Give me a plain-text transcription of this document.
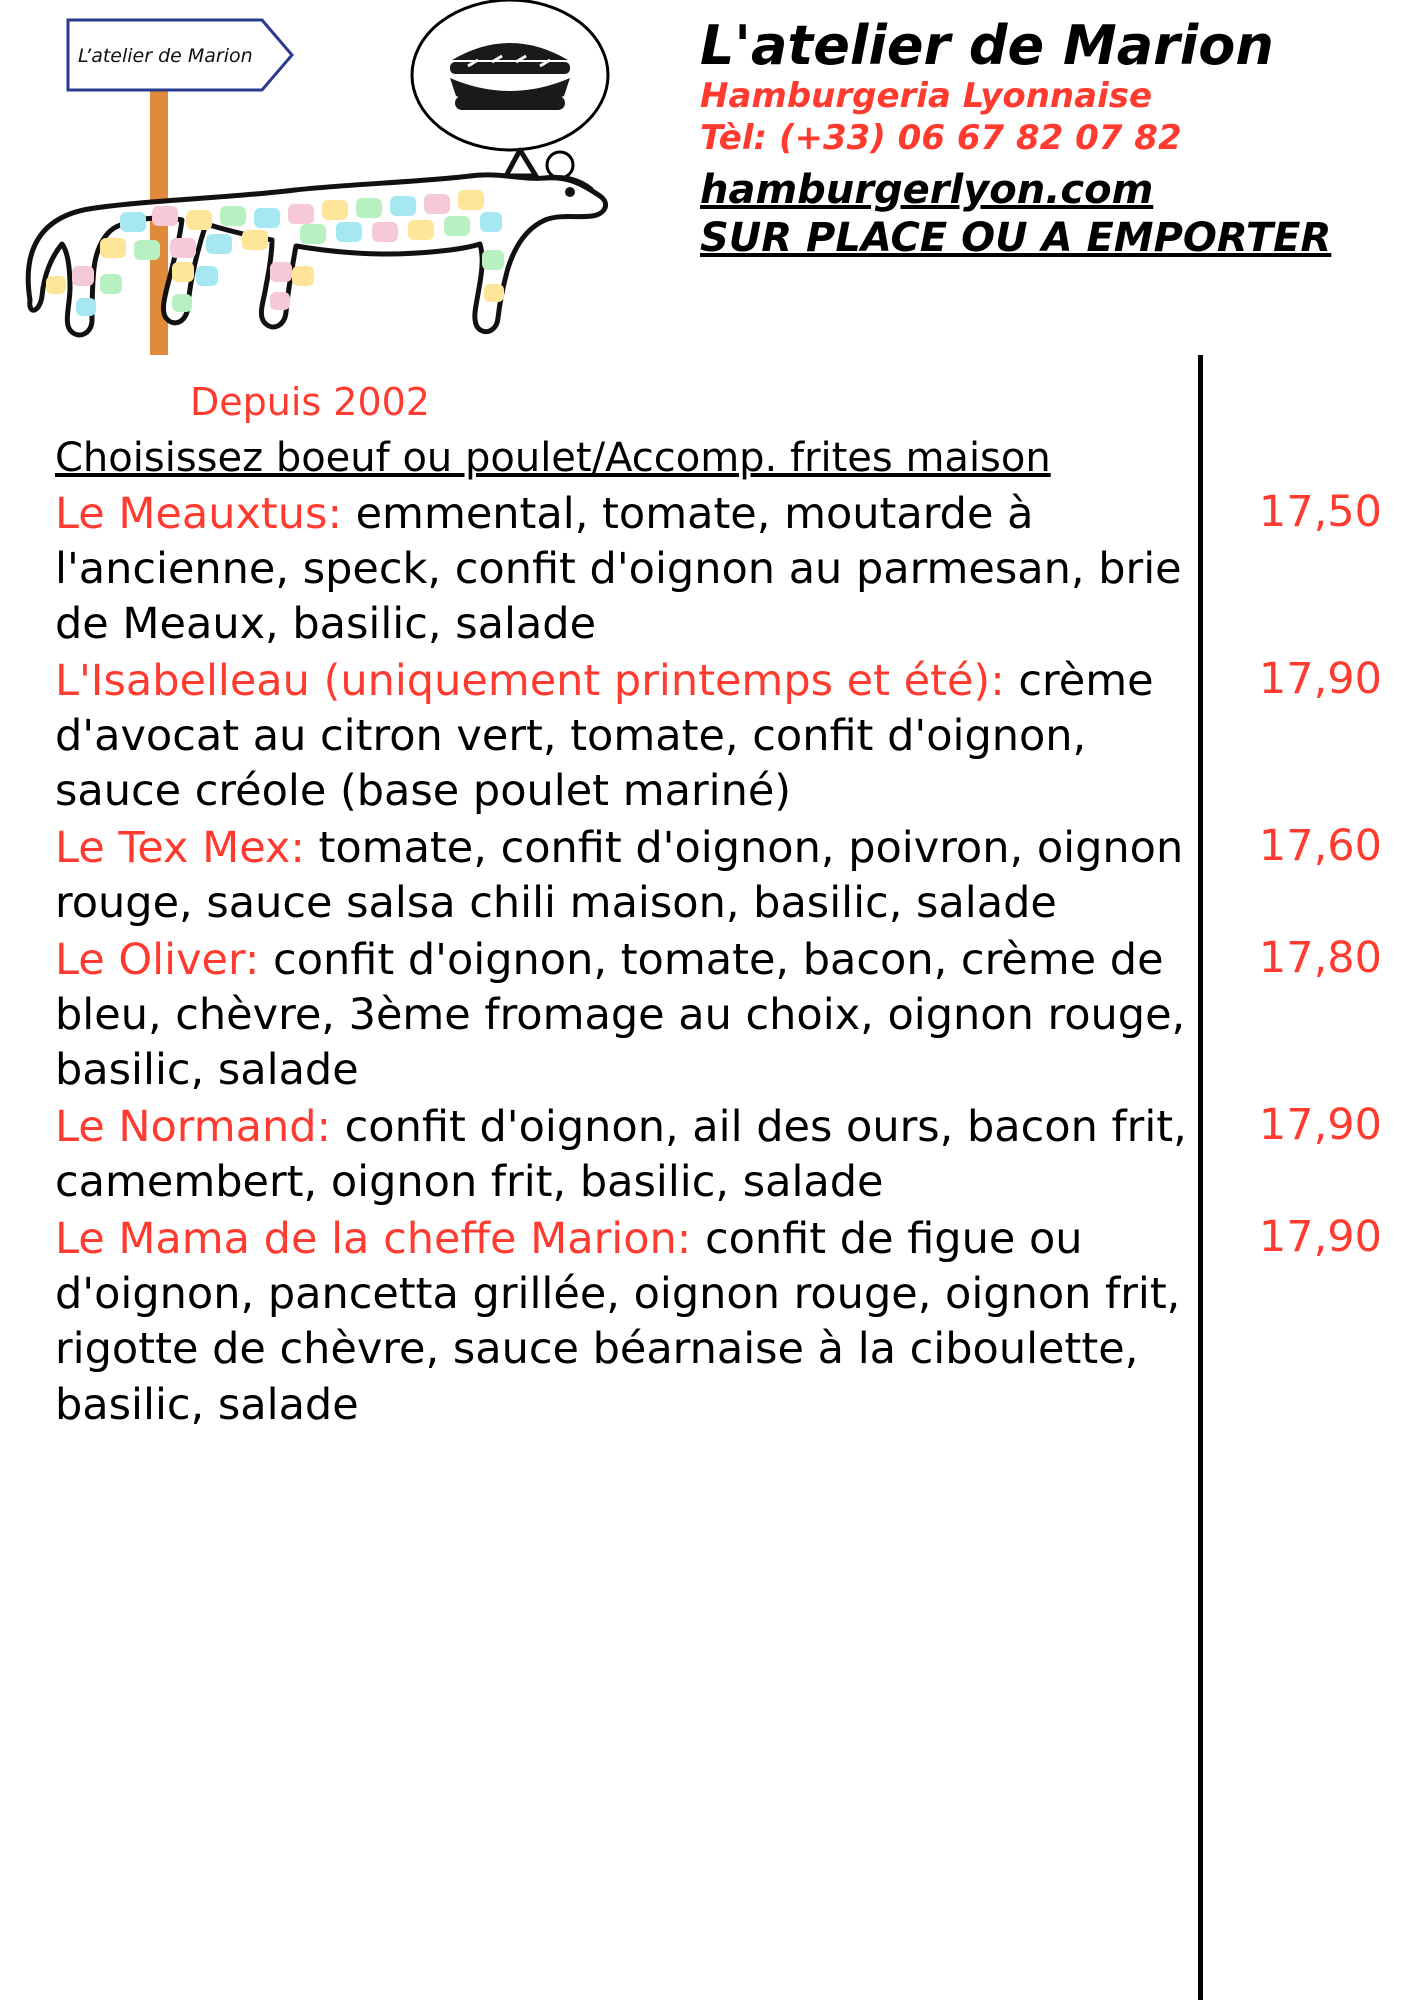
L’atelier de Marion	L'atelier de Marion
Hamburgeria Lyonnaise
Tèl: (+33) 06 67 82 07 82
hamburgerlyon.com
SUR PLACE OU A EMPORTER
Depuis 2002
Choisissez boeuf ou poulet/Accomp. frites maison
Le Meauxtus: emmental, tomate, moutarde à l'ancienne, speck, confit d'oignon au parmesan, brie de Meaux, basilic, salade
17,50
L'Isabelleau (uniquement printemps et été): crème d'avocat au citron vert, tomate, confit d'oignon, sauce créole (base poulet mariné)
17,90
Le Tex Mex: tomate, confit d'oignon, poivron, oignon rouge, sauce salsa chili maison, basilic, salade
17,60
Le Oliver: confit d'oignon, tomate, bacon, crème de bleu, chèvre, 3ème fromage au choix, oignon rouge, basilic, salade
17,80
Le Normand: confit d'oignon, ail des ours, bacon frit, camembert, oignon frit, basilic, salade
17,90
Le Mama de la cheffe Marion: confit de figue ou d'oignon, pancetta grillée, oignon rouge, oignon frit, rigotte de chèvre, sauce béarnaise à la ciboulette, basilic, salade
17,90
